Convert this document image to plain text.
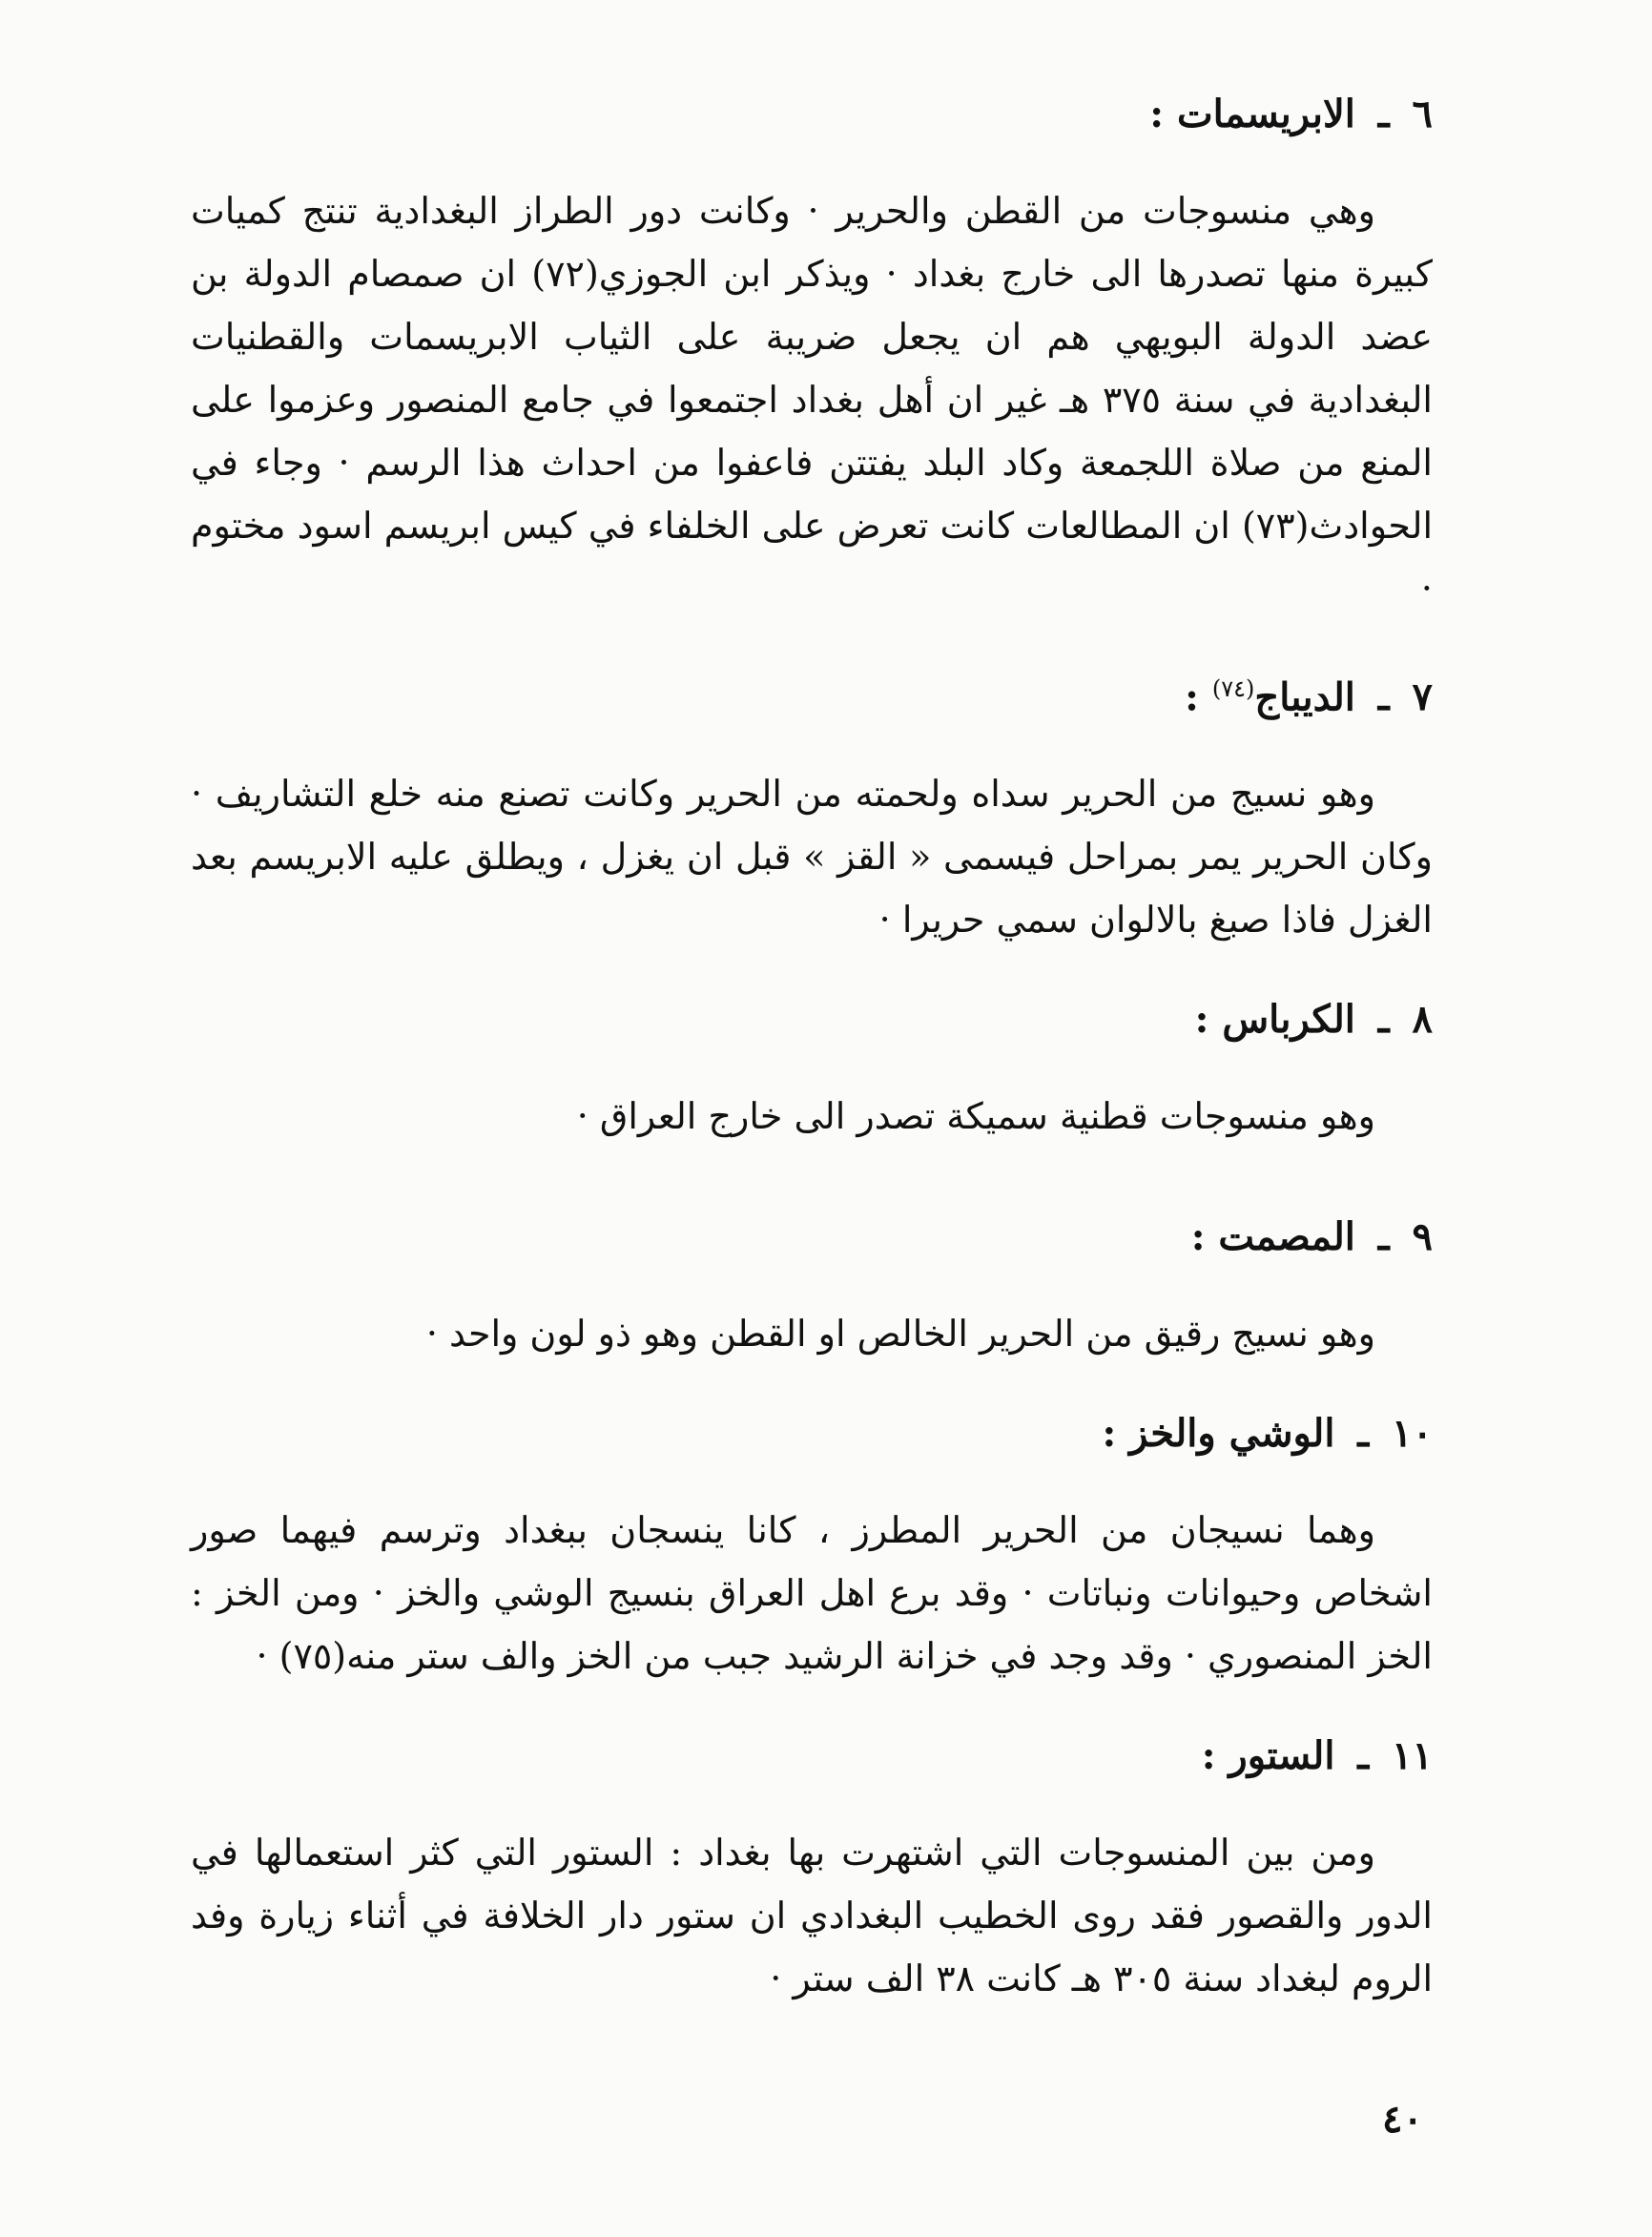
٦ ـ الابريسمات :

وهي منسوجات من القطن والحرير · وكانت دور الطراز البغدادية تنتج كميات كبيرة منها تصدرها الى خارج بغداد · ويذكر ابن الجوزي(٧٢) ان صمصام الدولة بن عضد الدولة البويهي هم ان يجعل ضريبة على الثياب الابريسمات والقطنيات البغدادية في سنة ٣٧٥ هـ غير ان أهل بغداد اجتمعوا في جامع المنصور وعزموا على المنع من صلاة اللجمعة وكاد البلد يفتتن فاعفوا من احداث هذا الرسم · وجاء في الحوادث(٧٣) ان المطالعات كانت تعرض على الخلفاء في كيس ابريسم اسود مختوم ·

٧ ـ الديباج$^{(٧٤)}$ :

وهو نسيج من الحرير سداه ولحمته من الحرير وكانت تصنع منه خلع التشاريف · وكان الحرير يمر بمراحل فيسمى « القز » قبل ان يغزل ، ويطلق عليه الابريسم بعد الغزل فاذا صبغ بالالوان سمي حريرا ·

٨ ـ الكرباس :

وهو منسوجات قطنية سميكة تصدر الى خارج العراق ·

٩ ـ المصمت :

وهو نسيج رقيق من الحرير الخالص او القطن وهو ذو لون واحد ·

١٠ ـ الوشي والخز :

وهما نسيجان من الحرير المطرز ، كانا ينسجان ببغداد وترسم فيهما صور اشخاص وحيوانات ونباتات · وقد برع اهل العراق بنسيج الوشي والخز · ومن الخز : الخز المنصوري · وقد وجد في خزانة الرشيد جبب من الخز والف ستر منه(٧٥) ·

١١ ـ الستور :

ومن بين المنسوجات التي اشتهرت بها بغداد : الستور التي كثر استعمالها في الدور والقصور فقد روى الخطيب البغدادي ان ستور دار الخلافة في أثناء زيارة وفد الروم لبغداد سنة ٣٠٥ هـ كانت ٣٨ الف ستر ·

٤٠
